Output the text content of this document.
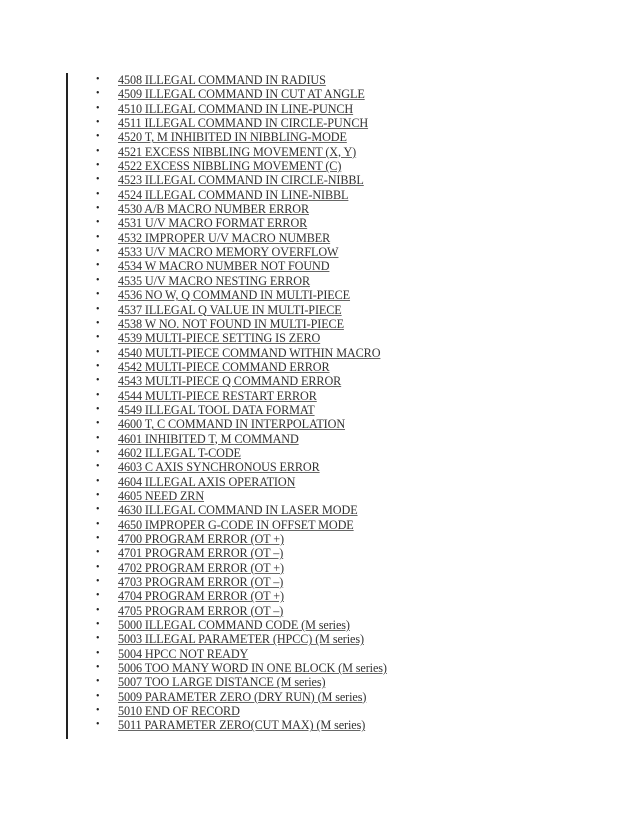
•	4508 ILLEGAL COMMAND IN RADIUS
•	4509 ILLEGAL COMMAND IN CUT AT ANGLE
•	4510 ILLEGAL COMMAND IN LINE-PUNCH
•	4511 ILLEGAL COMMAND IN CIRCLE-PUNCH
•	4520 T, M INHIBITED IN NIBBLING-MODE
•	4521 EXCESS NIBBLING MOVEMENT (X, Y)
•	4522 EXCESS NIBBLING MOVEMENT (C)
•	4523 ILLEGAL COMMAND IN CIRCLE-NIBBL
•	4524 ILLEGAL COMMAND IN LINE-NIBBL
•	4530 A/B MACRO NUMBER ERROR
•	4531 U/V MACRO FORMAT ERROR
•	4532 IMPROPER U/V MACRO NUMBER
•	4533 U/V MACRO MEMORY OVERFLOW
•	4534 W MACRO NUMBER NOT FOUND
•	4535 U/V MACRO NESTING ERROR
•	4536 NO W, Q COMMAND IN MULTI-PIECE
•	4537 ILLEGAL Q VALUE IN MULTI-PIECE
•	4538 W NO. NOT FOUND IN MULTI-PIECE
•	4539 MULTI-PIECE SETTING IS ZERO
•	4540 MULTI-PIECE COMMAND WITHIN MACRO
•	4542 MULTI-PIECE COMMAND ERROR
•	4543 MULTI-PIECE Q COMMAND ERROR
•	4544 MULTI-PIECE RESTART ERROR
•	4549 ILLEGAL TOOL DATA FORMAT
•	4600 T, C COMMAND IN INTERPOLATION
•	4601 INHIBITED T, M COMMAND
•	4602 ILLEGAL T-CODE
•	4603 C AXIS SYNCHRONOUS ERROR
•	4604 ILLEGAL AXIS OPERATION
•	4605 NEED ZRN
•	4630 ILLEGAL COMMAND IN LASER MODE
•	4650 IMPROPER G-CODE IN OFFSET MODE
•	4700 PROGRAM ERROR (OT +)
•	4701 PROGRAM ERROR (OT –)
•	4702 PROGRAM ERROR (OT +)
•	4703 PROGRAM ERROR (OT –)
•	4704 PROGRAM ERROR (OT +)
•	4705 PROGRAM ERROR (OT –)
•	5000 ILLEGAL COMMAND CODE (M series)
•	5003 ILLEGAL PARAMETER (HPCC) (M series)
•	5004 HPCC NOT READY
•	5006 TOO MANY WORD IN ONE BLOCK (M series)
•	5007 TOO LARGE DISTANCE (M series)
•	5009 PARAMETER ZERO (DRY RUN) (M series)
•	5010 END OF RECORD
•	5011 PARAMETER ZERO(CUT MAX) (M series)
